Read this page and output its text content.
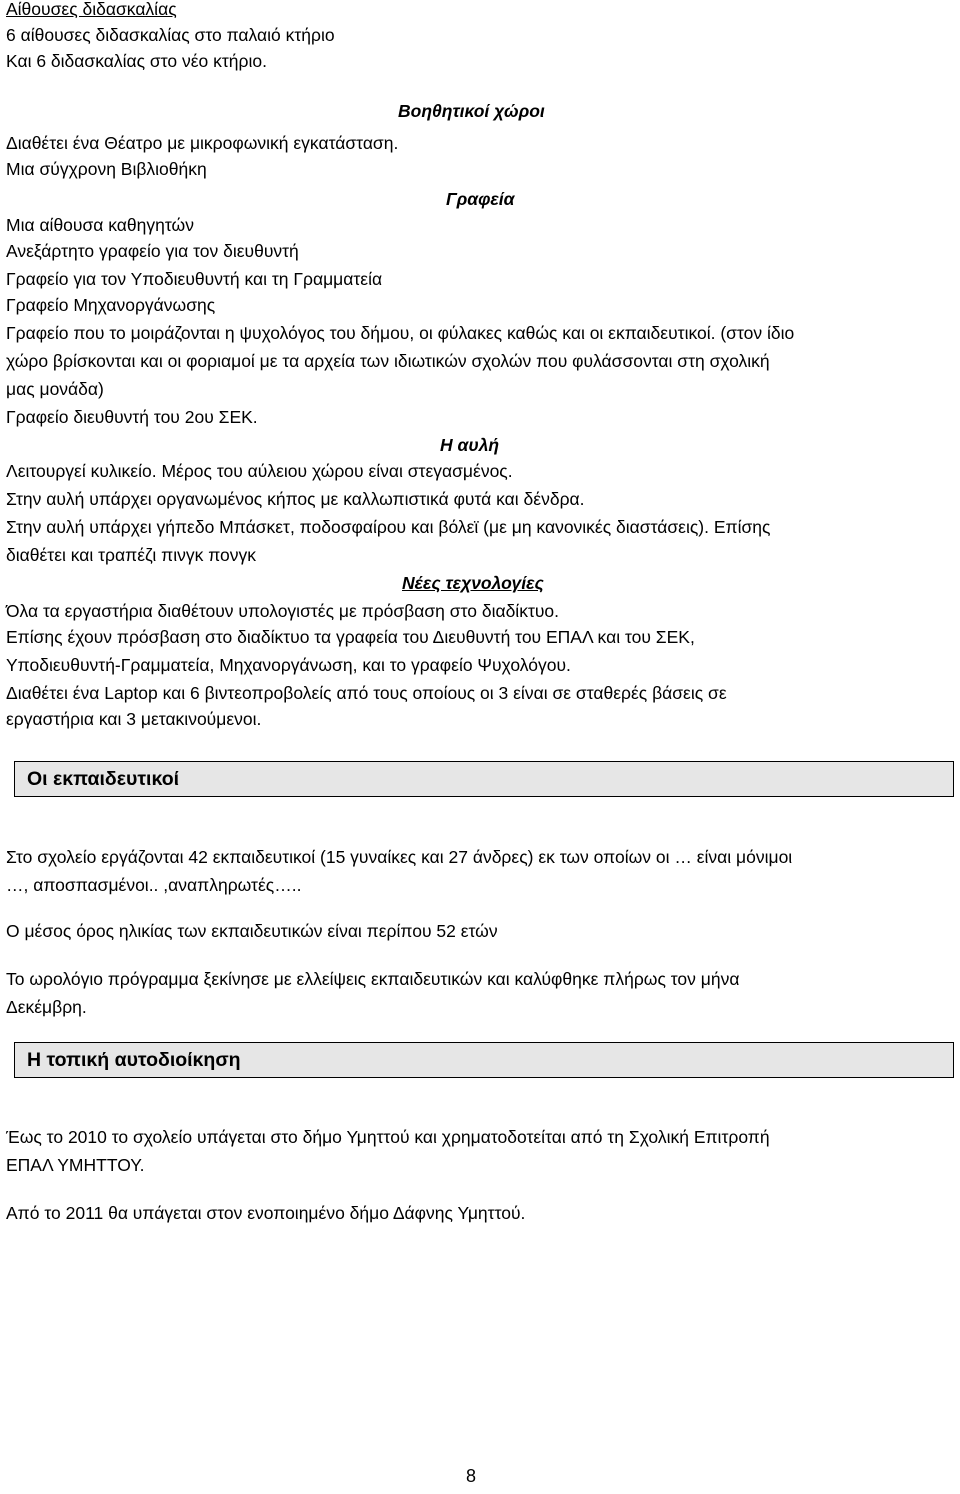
Αίθουσες διδασκαλίας
6 αίθουσες διδασκαλίας στο παλαιό κτήριο
Και 6 διδασκαλίας στο νέο κτήριο.
Βοηθητικοί χώροι
Διαθέτει ένα Θέατρο με μικροφωνική εγκατάσταση.
Μια σύγχρονη Βιβλιοθήκη
Γραφεία
Μια αίθουσα καθηγητών
Ανεξάρτητο γραφείο για τον διευθυντή
Γραφείο για τον Υποδιευθυντή και τη Γραμματεία
Γραφείο Μηχανοργάνωσης
Γραφείο που το μοιράζονται η ψυχολόγος του δήμου, οι φύλακες καθώς και οι εκπαιδευτικοί. (στον ίδιο
χώρο βρίσκονται και οι φοριαμοί με τα αρχεία των ιδιωτικών σχολών που φυλάσσονται στη σχολική
μας μονάδα)
Γραφείο διευθυντή του 2ου ΣΕΚ.
Η αυλή
Λειτουργεί κυλικείο. Μέρος του αύλειου χώρου είναι στεγασμένος.
Στην αυλή υπάρχει οργανωμένος κήπος με καλλωπιστικά φυτά και δένδρα.
Στην αυλή υπάρχει γήπεδο Μπάσκετ, ποδοσφαίρου και βόλεϊ (με μη κανονικές διαστάσεις). Επίσης
διαθέτει και τραπέζι πινγκ πονγκ
Νέες τεχνολογίες
Όλα τα εργαστήρια διαθέτουν υπολογιστές με πρόσβαση στο διαδίκτυο.
Επίσης έχουν πρόσβαση στο διαδίκτυο τα γραφεία του Διευθυντή του ΕΠΑΛ και του ΣΕΚ,
Υποδιευθυντή-Γραμματεία, Μηχανοργάνωση, και το γραφείο Ψυχολόγου.
Διαθέτει ένα Laptop και 6 βιντεοπροβολείς από τους οποίους οι 3 είναι σε σταθερές βάσεις σε
εργαστήρια και 3 μετακινούμενοι.
Οι εκπαιδευτικοί
Στο σχολείο εργάζονται 42 εκπαιδευτικοί (15 γυναίκες και 27 άνδρες) εκ των οποίων οι … είναι μόνιμοι
…, αποσπασμένοι.. ,αναπληρωτές…..
Ο μέσος όρος ηλικίας των εκπαιδευτικών είναι περίπου 52 ετών
Το ωρολόγιο πρόγραμμα ξεκίνησε με ελλείψεις εκπαιδευτικών και καλύφθηκε πλήρως τον μήνα
Δεκέμβρη.
Η τοπική αυτοδιοίκηση
Έως το 2010 το σχολείο υπάγεται στο δήμο Υμηττού και χρηματοδοτείται από τη Σχολική Επιτροπή
ΕΠΑΛ ΥΜΗΤΤΟΥ.
Από το 2011 θα υπάγεται στον ενοποιημένο δήμο Δάφνης Υμηττού.
8
